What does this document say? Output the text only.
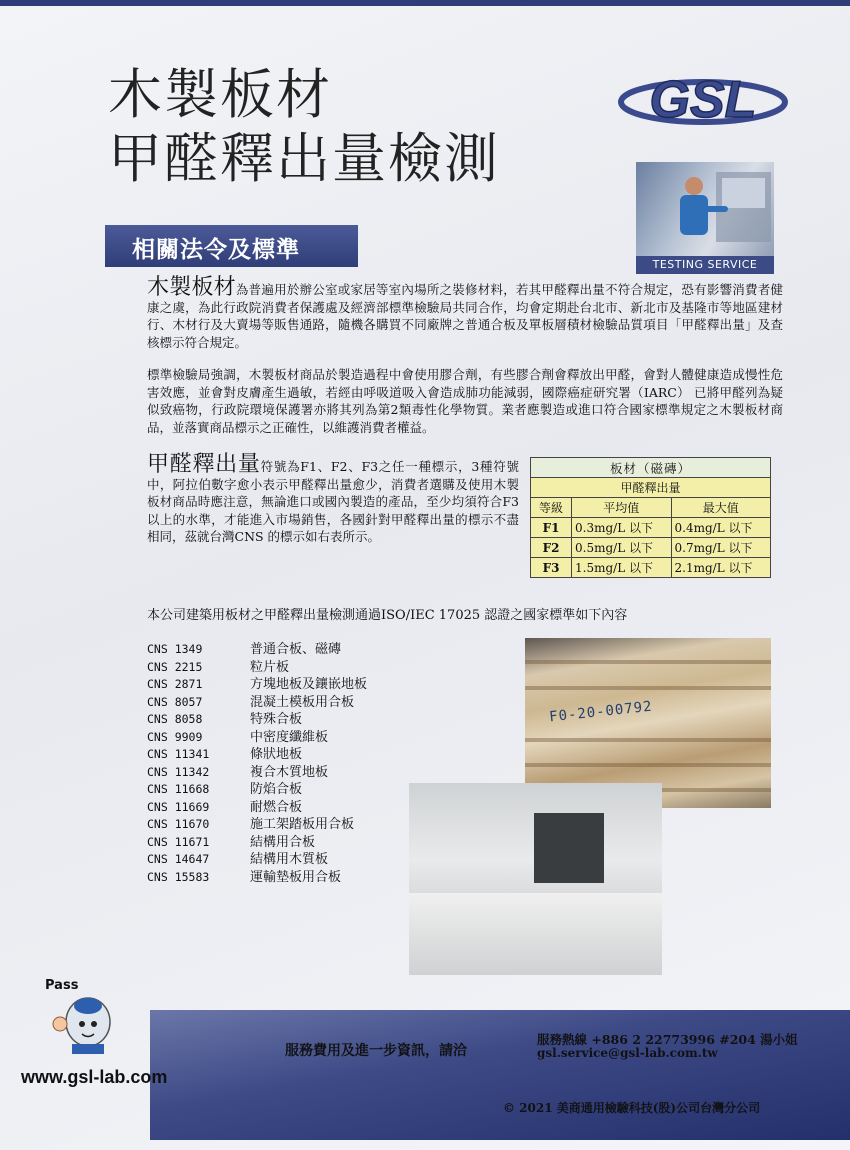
木製板材
甲醛釋出量檢測
GSL
TESTING SERVICE
相關法令及標準
木製板材為普遍用於辦公室或家居等室內場所之裝修材料，若其甲醛釋出量不符合規定，恐有影響消費者健康之虞，為此行政院消費者保護處及經濟部標準檢驗局共同合作，均會定期赴台北市、新北市及基隆市等地區建材行、木材行及大賣場等販售通路，隨機各購買不同廠牌之普通合板及單板層積材檢驗品質項目「甲醛釋出量」及查核標示符合規定。
標準檢驗局強調，木製板材商品於製造過程中會使用膠合劑，有些膠合劑會釋放出甲醛，會對人體健康造成慢性危害效應，並會對皮膚產生過敏，若經由呼吸道吸入會造成肺功能減弱，國際癌症研究署（IARC） 已將甲醛列為疑似致癌物，行政院環境保護署亦將其列為第2類毒性化學物質。業者應製造或進口符合國家標準規定之木製板材商品，並落實商品標示之正確性，以維護消費者權益。
甲醛釋出量符號為F1、F2、F3之任一種標示，3種符號中，阿拉伯數字愈小表示甲醛釋出量愈少，消費者選購及使用木製板材商品時應注意，無論進口或國內製造的產品，至少均須符合F3以上的水準，才能進入市場銷售，各國針對甲醛釋出量的標示不盡相同，茲就台灣CNS 的標示如右表所示。
板材（磁磚）		
甲醛釋出量		
等級	平均值	最大值
F1	0.3mg/L 以下	0.4mg/L 以下
F2	0.5mg/L 以下	0.7mg/L 以下
F3	1.5mg/L 以下	2.1mg/L 以下
本公司建築用板材之甲醛釋出量檢測通過ISO/IEC 17025 認證之國家標準如下內容
CNS 1349	普通合板、磁磚
CNS 2215	粒片板
CNS 2871	方塊地板及鑲嵌地板
CNS 8057	混凝土模板用合板
CNS 8058	特殊合板
CNS 9909	中密度纖維板
CNS 11341	條狀地板
CNS 11342	複合木質地板
CNS 11668	防焰合板
CNS 11669	耐燃合板
CNS 11670	施工架踏板用合板
CNS 11671	結構用合板
CNS 14647	結構用木質板
CNS 15583	運輸墊板用合板
F0-20-00792
服務費用及進一步資訊，請洽
服務熱線 +886 2 22773996 #204 湯小姐
gsl.service@gsl-lab.com.tw
© 2021 美商通用檢驗科技(股)公司台灣分公司
Pass
www.gsl-lab.com
